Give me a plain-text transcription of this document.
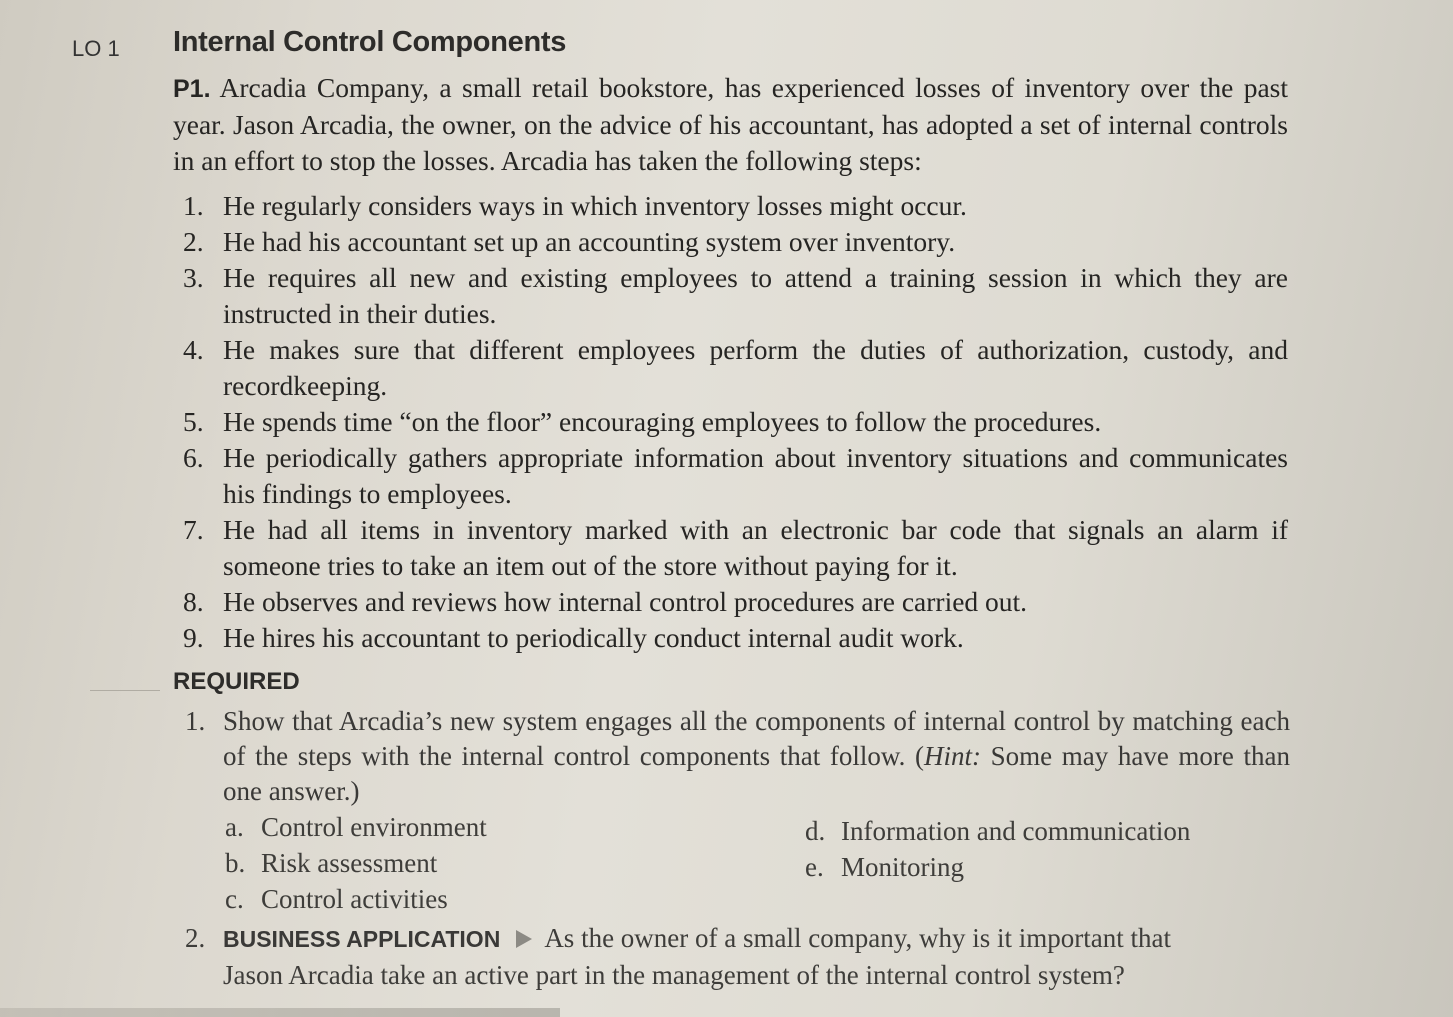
LO 1 Internal Control Components
P1. Arcadia Company, a small retail bookstore, has experienced losses of inventory over the past year. Jason Arcadia, the owner, on the advice of his accountant, has adopted a set of internal controls in an effort to stop the losses. Arcadia has taken the following steps:
1. He regularly considers ways in which inventory losses might occur.
2. He had his accountant set up an accounting system over inventory.
3. He requires all new and existing employees to attend a training session in which they are instructed in their duties.
4. He makes sure that different employees perform the duties of authorization, custody, and recordkeeping.
5. He spends time “on the floor” encouraging employees to follow the procedures.
6. He periodically gathers appropriate information about inventory situations and communicates his findings to employees.
7. He had all items in inventory marked with an electronic bar code that signals an alarm if someone tries to take an item out of the store without paying for it.
8. He observes and reviews how internal control procedures are carried out.
9. He hires his accountant to periodically conduct internal audit work.
REQUIRED
1. Show that Arcadia’s new system engages all the components of internal control by matching each of the steps with the internal control components that follow. (Hint: Some may have more than one answer.)
a. Control environment
b. Risk assessment
c. Control activities
d. Information and communication
e. Monitoring
2. BUSINESS APPLICATION As the owner of a small company, why is it important that
Jason Arcadia take an active part in the management of the internal control system?
